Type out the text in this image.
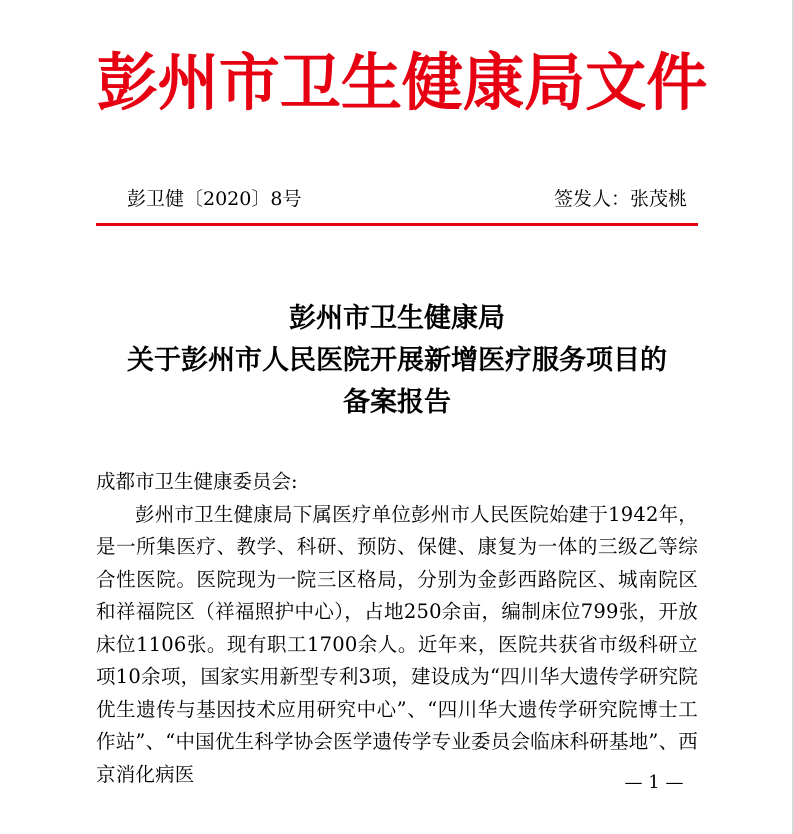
彭州市卫生健康局文件
彭卫健〔2020〕8号	签发人：张茂桃
彭州市卫生健康局
关于彭州市人民医院开展新增医疗服务项目的
备案报告
成都市卫生健康委员会:
彭州市卫生健康局下属医疗单位彭州市人民医院始建于1942年，是一所集医疗、教学、科研、预防、保健、康复为一体的三级乙等综合性医院。医院现为一院三区格局，分别为金彭西路院区、城南院区和祥福院区（祥福照护中心），占地250余亩，编制床位799张，开放床位1106张。现有职工1700余人。近年来，医院共获省市级科研立项10余项，国家实用新型专利3项，建设成为“四川华大遗传学研究院优生遗传与基因技术应用研究中心”、“四川华大遗传学研究院博士工作站”、“中国优生科学协会医学遗传学专业委员会临床科研基地”、西京消化病医	— 1 —
